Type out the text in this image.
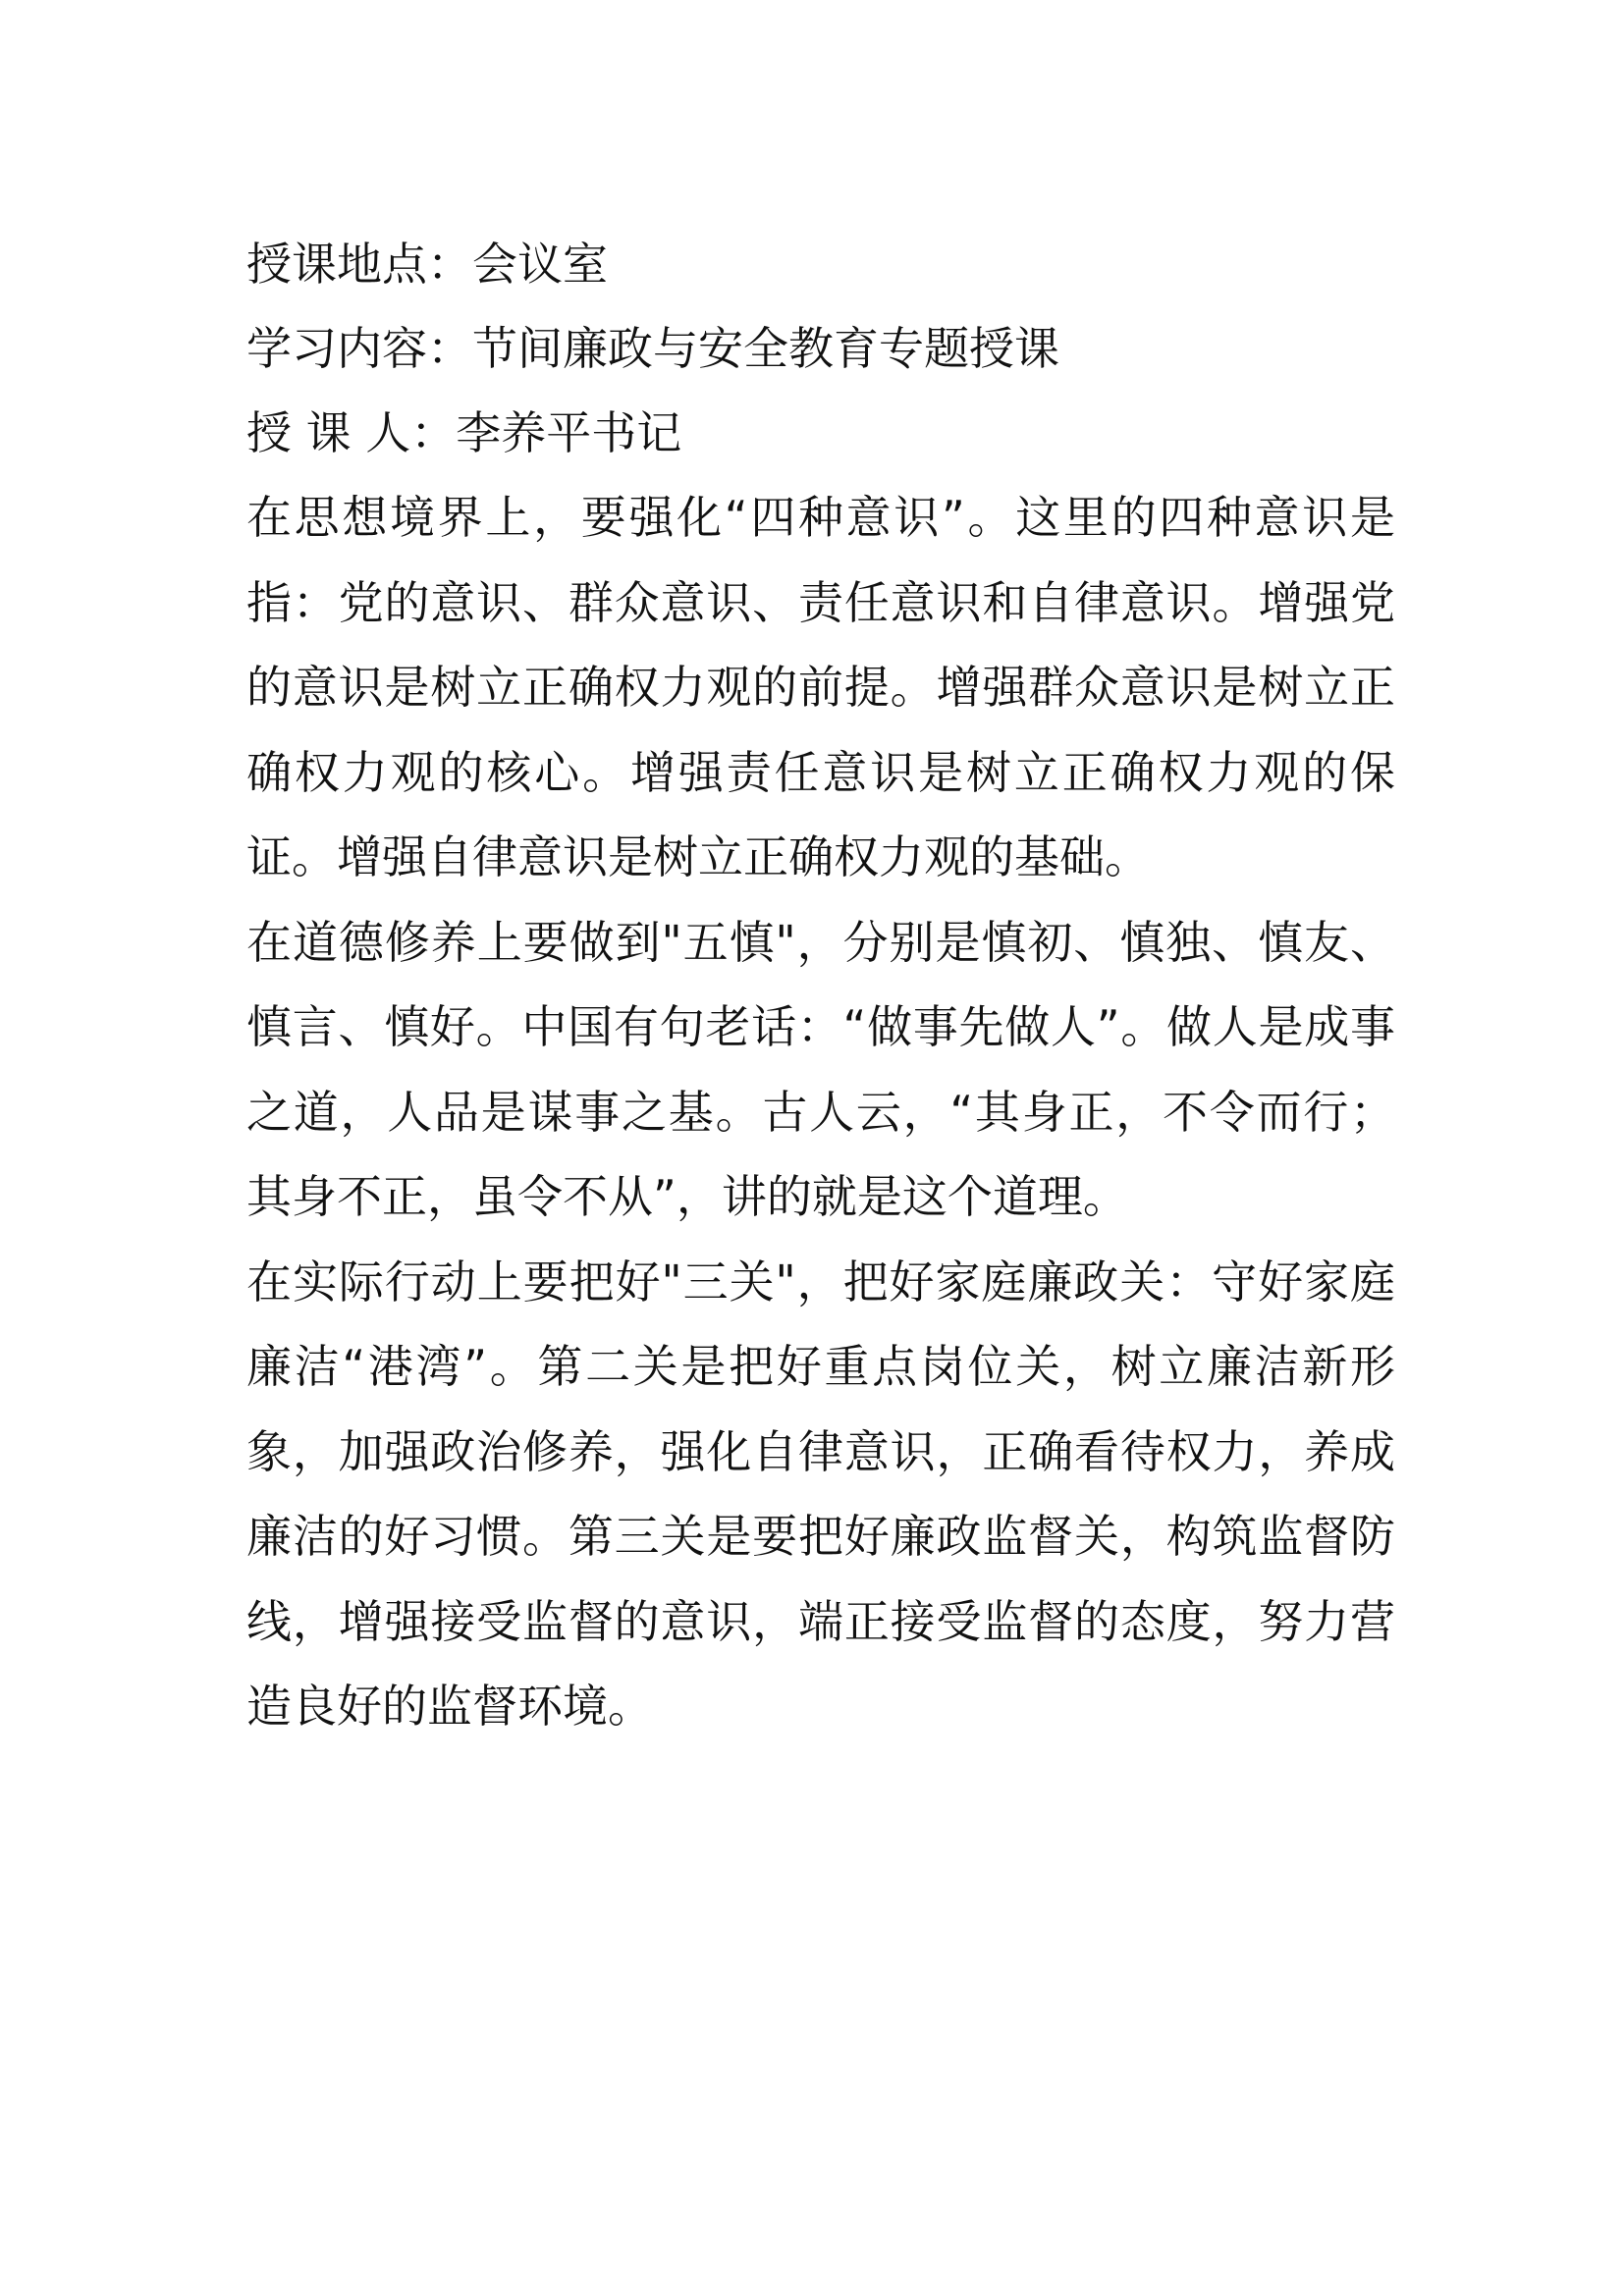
授课地点：会议室
学习内容：节间廉政与安全教育专题授课
授 课 人：李养平书记

在思想境界上，要强化“四种意识”。这里的四种意识是指：党的意识、群众意识、责任意识和自律意识。增强党的意识是树立正确权力观的前提。增强群众意识是树立正确权力观的核心。增强责任意识是树立正确权力观的保证。增强自律意识是树立正确权力观的基础。

在道德修养上要做到"五慎"，分别是慎初、慎独、慎友、慎言、慎好。中国有句老话：“做事先做人”。做人是成事之道，人品是谋事之基。古人云，“其身正，不令而行；其身不正，虽令不从”，讲的就是这个道理。

在实际行动上要把好"三关"，把好家庭廉政关：守好家庭廉洁“港湾”。第二关是把好重点岗位关，树立廉洁新形象，加强政治修养，强化自律意识，正确看待权力，养成廉洁的好习惯。第三关是要把好廉政监督关，构筑监督防线，增强接受监督的意识，端正接受监督的态度，努力营造良好的监督环境。
